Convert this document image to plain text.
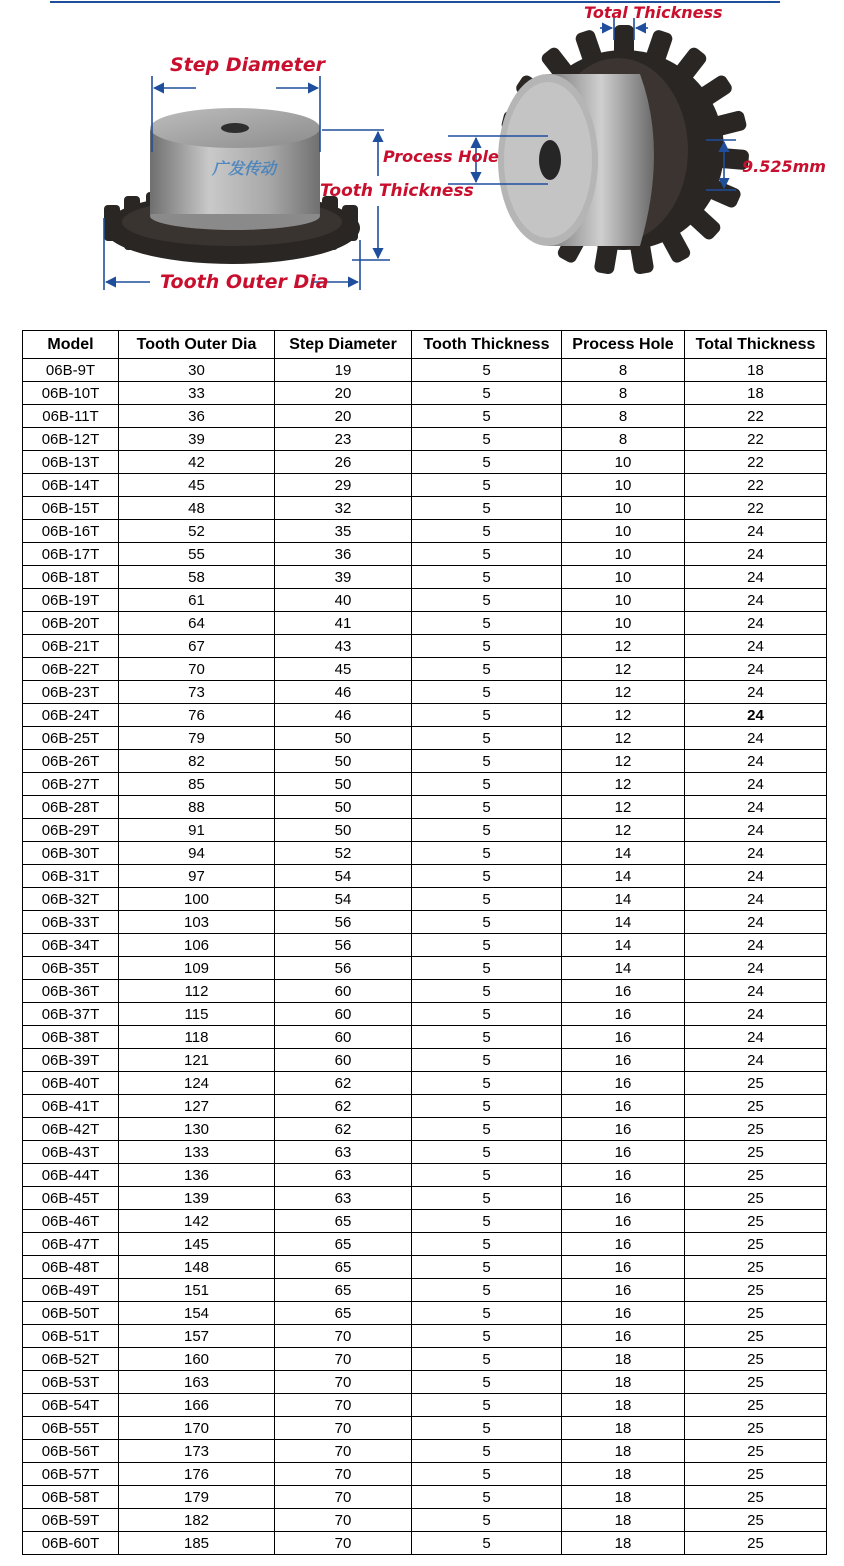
广发传动
Step Diameter
Tooth Outer Dia
Tooth Thickness
Process Hole
Total Thickness
9.525mm
Model	Tooth Outer Dia	Step Diameter	Tooth Thickness	Process Hole	Total Thickness
06B-9T	30	19	5	8	18
06B-10T	33	20	5	8	18
06B-11T	36	20	5	8	22
06B-12T	39	23	5	8	22
06B-13T	42	26	5	10	22
06B-14T	45	29	5	10	22
06B-15T	48	32	5	10	22
06B-16T	52	35	5	10	24
06B-17T	55	36	5	10	24
06B-18T	58	39	5	10	24
06B-19T	61	40	5	10	24
06B-20T	64	41	5	10	24
06B-21T	67	43	5	12	24
06B-22T	70	45	5	12	24
06B-23T	73	46	5	12	24
06B-24T	76	46	5	12	24
06B-25T	79	50	5	12	24
06B-26T	82	50	5	12	24
06B-27T	85	50	5	12	24
06B-28T	88	50	5	12	24
06B-29T	91	50	5	12	24
06B-30T	94	52	5	14	24
06B-31T	97	54	5	14	24
06B-32T	100	54	5	14	24
06B-33T	103	56	5	14	24
06B-34T	106	56	5	14	24
06B-35T	109	56	5	14	24
06B-36T	112	60	5	16	24
06B-37T	115	60	5	16	24
06B-38T	118	60	5	16	24
06B-39T	121	60	5	16	24
06B-40T	124	62	5	16	25
06B-41T	127	62	5	16	25
06B-42T	130	62	5	16	25
06B-43T	133	63	5	16	25
06B-44T	136	63	5	16	25
06B-45T	139	63	5	16	25
06B-46T	142	65	5	16	25
06B-47T	145	65	5	16	25
06B-48T	148	65	5	16	25
06B-49T	151	65	5	16	25
06B-50T	154	65	5	16	25
06B-51T	157	70	5	16	25
06B-52T	160	70	5	18	25
06B-53T	163	70	5	18	25
06B-54T	166	70	5	18	25
06B-55T	170	70	5	18	25
06B-56T	173	70	5	18	25
06B-57T	176	70	5	18	25
06B-58T	179	70	5	18	25
06B-59T	182	70	5	18	25
06B-60T	185	70	5	18	25
